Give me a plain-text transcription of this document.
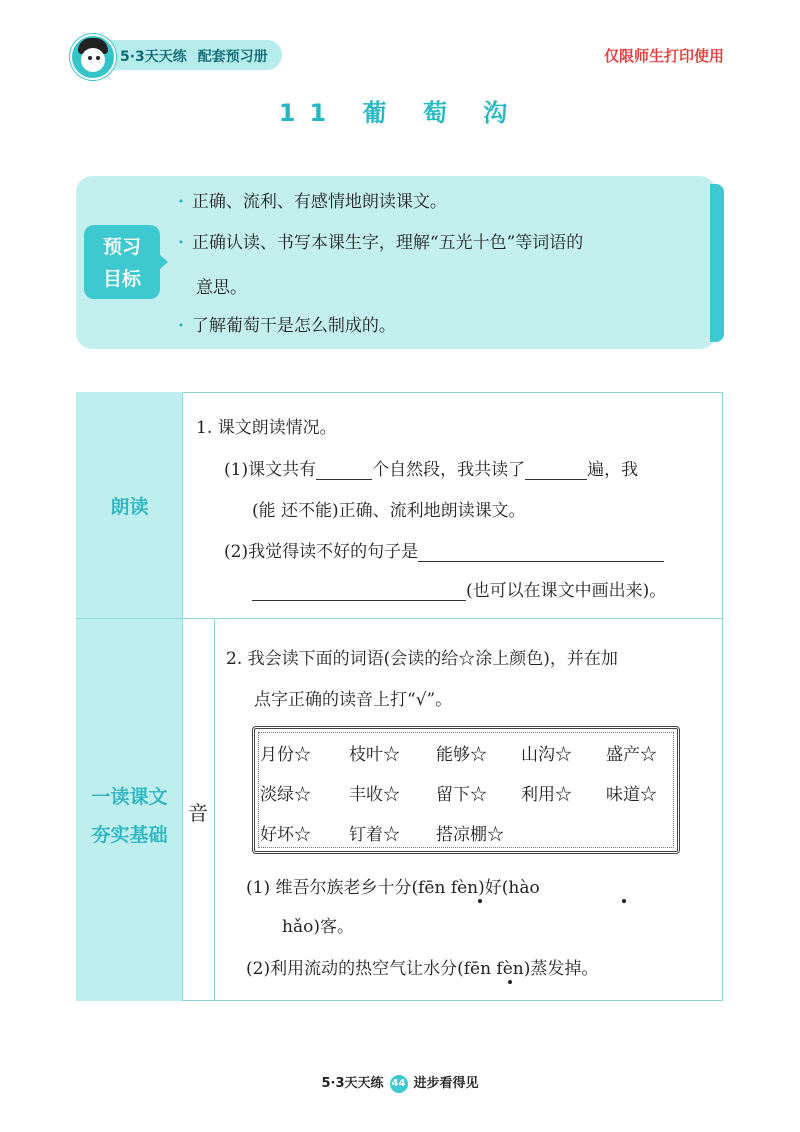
5·3天天练 配套预习册	仅限师生打印使用
11 葡 萄 沟
预习
目标
· 正确、流利、有感情地朗读课文。
· 正确认读、书写本课生字，理解“五光十色”等词语的
意思。
· 了解葡萄干是怎么制成的。
朗读
一读课文
夯实基础
1. 课文朗读情况。
(1)课文共有	个自然段，我共读了	遍，我
(能 还不能)正确、流利地朗读课文。
(2)我觉得读不好的句子是
(也可以在课文中画出来)。
音
2. 我会读下面的词语(会读的给☆涂上颜色)，并在加
点字正确的读音上打“√”。
月份☆ 枝叶☆ 能够☆ 山沟☆ 盛产☆
淡绿☆ 丰收☆ 留下☆ 利用☆ 味道☆
好坏☆ 钉着☆ 搭凉棚☆
(1) 维吾尔族老乡十分(fēn fèn)好(hào
hǎo)客。
(2)利用流动的热空气让水分(fēn fèn)蒸发掉。
5·3天天练 44 进步看得见
